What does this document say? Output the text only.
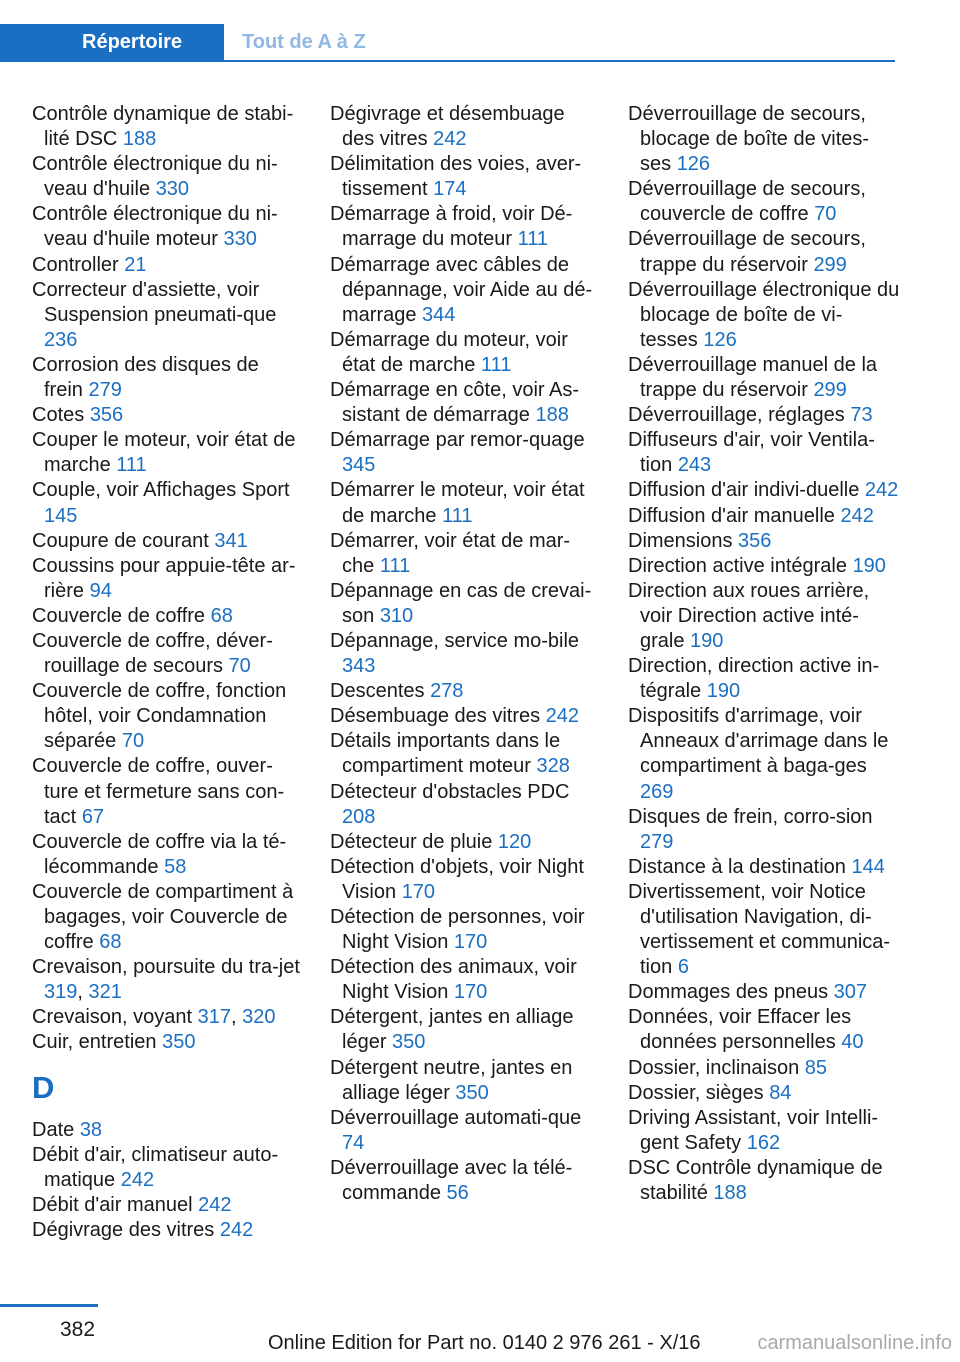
Répertoire	Tout de A à Z
Contrôle dynamique de stabi‐lité DSC 188
Contrôle électronique du ni‐veau d'huile 330
Contrôle électronique du ni‐veau d'huile moteur 330
Controller 21
Correcteur d'assiette, voir Suspension pneumati‐que 236
Corrosion des disques de frein 279
Cotes 356
Couper le moteur, voir état de marche 111
Couple, voir Affichages Sport 145
Coupure de courant 341
Coussins pour appuie-tête ar‐rière 94
Couvercle de coffre 68
Couvercle de coffre, déver‐rouillage de secours 70
Couvercle de coffre, fonction hôtel, voir Condamnation séparée 70
Couvercle de coffre, ouver‐ture et fermeture sans con‐tact 67
Couvercle de coffre via la té‐lécommande 58
Couvercle de compartiment à bagages, voir Couvercle de coffre 68
Crevaison, poursuite du tra‐jet 319, 321
Crevaison, voyant 317, 320
Cuir, entretien 350
D
Date 38
Débit d'air, climatiseur auto‐matique 242
Débit d'air manuel 242
Dégivrage des vitres 242
Dégivrage et désembuage des vitres 242
Délimitation des voies, aver‐tissement 174
Démarrage à froid, voir Dé‐marrage du moteur 111
Démarrage avec câbles de dépannage, voir Aide au dé‐marrage 344
Démarrage du moteur, voir état de marche 111
Démarrage en côte, voir As‐sistant de démarrage 188
Démarrage par remor‐quage 345
Démarrer le moteur, voir état de marche 111
Démarrer, voir état de mar‐che 111
Dépannage en cas de crevai‐son 310
Dépannage, service mo‐bile 343
Descentes 278
Désembuage des vitres 242
Détails importants dans le compartiment moteur 328
Détecteur d'obstacles PDC 208
Détecteur de pluie 120
Détection d'objets, voir Night Vision 170
Détection de personnes, voir Night Vision 170
Détection des animaux, voir Night Vision 170
Détergent, jantes en alliage léger 350
Détergent neutre, jantes en alliage léger 350
Déverrouillage automati‐que 74
Déverrouillage avec la télé‐commande 56
Déverrouillage de secours, blocage de boîte de vites‐ses 126
Déverrouillage de secours, couvercle de coffre 70
Déverrouillage de secours, trappe du réservoir 299
Déverrouillage électronique du blocage de boîte de vi‐tesses 126
Déverrouillage manuel de la trappe du réservoir 299
Déverrouillage, réglages 73
Diffuseurs d'air, voir Ventila‐tion 243
Diffusion d'air indivi‐duelle 242
Diffusion d'air manuelle 242
Dimensions 356
Direction active intégrale 190
Direction aux roues arrière, voir Direction active inté‐grale 190
Direction, direction active in‐tégrale 190
Dispositifs d'arrimage, voir Anneaux d'arrimage dans le compartiment à baga‐ges 269
Disques de frein, corro‐sion 279
Distance à la destination 144
Divertissement, voir Notice d'utilisation Navigation, di‐vertissement et communica‐tion 6
Dommages des pneus 307
Données, voir Effacer les données personnelles 40
Dossier, inclinaison 85
Dossier, sièges 84
Driving Assistant, voir Intelli‐gent Safety 162
DSC Contrôle dynamique de stabilité 188
382
Online Edition for Part no. 0140 2 976 261 - X/16	carmanualsonline.info
